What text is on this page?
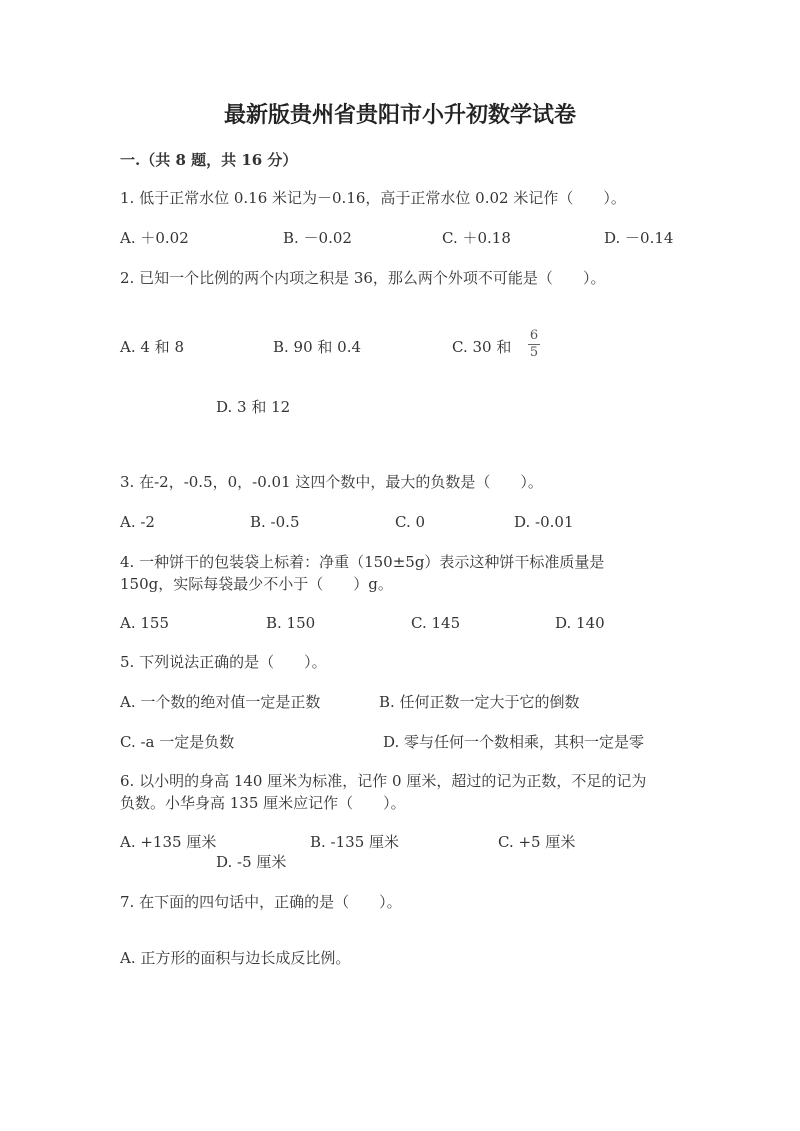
最新版贵州省贵阳市小升初数学试卷
一.（共 8 题，共 16 分）
1. 低于正常水位 0.16 米记为－0.16，高于正常水位 0.02 米记作（　　）。
A. ＋0.02	B. －0.02	C. ＋0.18	D. －0.14
2. 已知一个比例的两个内项之积是 36，那么两个外项不可能是（　　）。
A. 4 和 8	B. 90 和 0.4	C. 30 和
6
5
D. 3 和 12
3. 在-2，-0.5，0，-0.01 这四个数中，最大的负数是（　　）。
A. -2	B. -0.5	C. 0	D. -0.01
4. 一种饼干的包装袋上标着：净重（150±5g）表示这种饼干标准质量是
150g，实际每袋最少不小于（　　）g。
A. 155	B. 150	C. 145	D. 140
5. 下列说法正确的是（　　）。
A. 一个数的绝对值一定是正数	B. 任何正数一定大于它的倒数
C. -a 一定是负数	D. 零与任何一个数相乘，其积一定是零
6. 以小明的身高 140 厘米为标准，记作 0 厘米，超过的记为正数，不足的记为
负数。小华身高 135 厘米应记作（　　）。
A. +135 厘米	B. -135 厘米	C. +5 厘米
D. -5 厘米
7. 在下面的四句话中，正确的是（　　）。
A. 正方形的面积与边长成反比例。
